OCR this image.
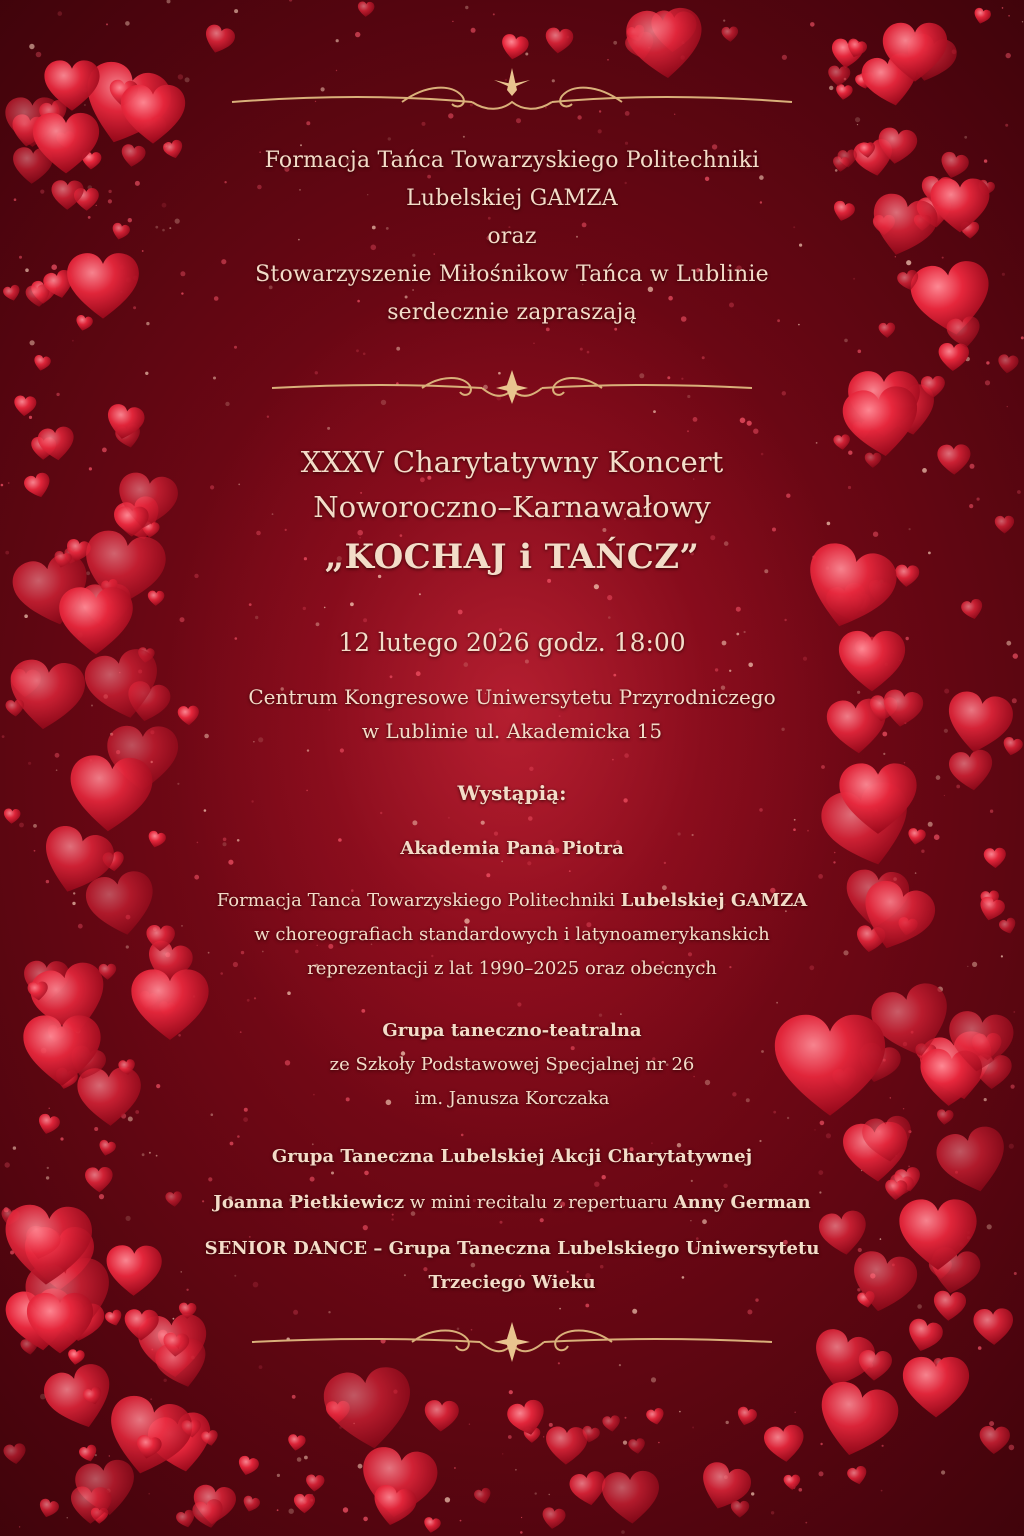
Formacja Tańca Towarzyskiego Politechniki
Lubelskiej GAMZA
oraz
Stowarzyszenie Miłośnikow Tańca w Lublinie
serdecznie zapraszają
XXXV Charytatywny Koncert
Noworoczno–Karnawałowy
„KOCHAJ i TAŃCZ”
12 lutego 2026 godz. 18:00
Centrum Kongresowe Uniwersytetu Przyrodniczego
w Lublinie ul. Akademicka 15
Wystąpią:
Akademia Pana Piotra
Formacja Tanca Towarzyskiego Politechniki Lubelskiej GAMZA
w choreografiach standardowych i latynoamerykanskich
reprezentacji z lat 1990–2025 oraz obecnych
Grupa taneczno-teatralna
ze Szkoły Podstawowej Specjalnej nr 26
im. Janusza Korczaka
Grupa Taneczna Lubelskiej Akcji Charytatywnej
Joanna Pietkiewicz w mini recitalu z repertuaru Anny German
SENIOR DANCE – Grupa Taneczna Lubelskiego Uniwersytetu
Trzeciego Wieku
